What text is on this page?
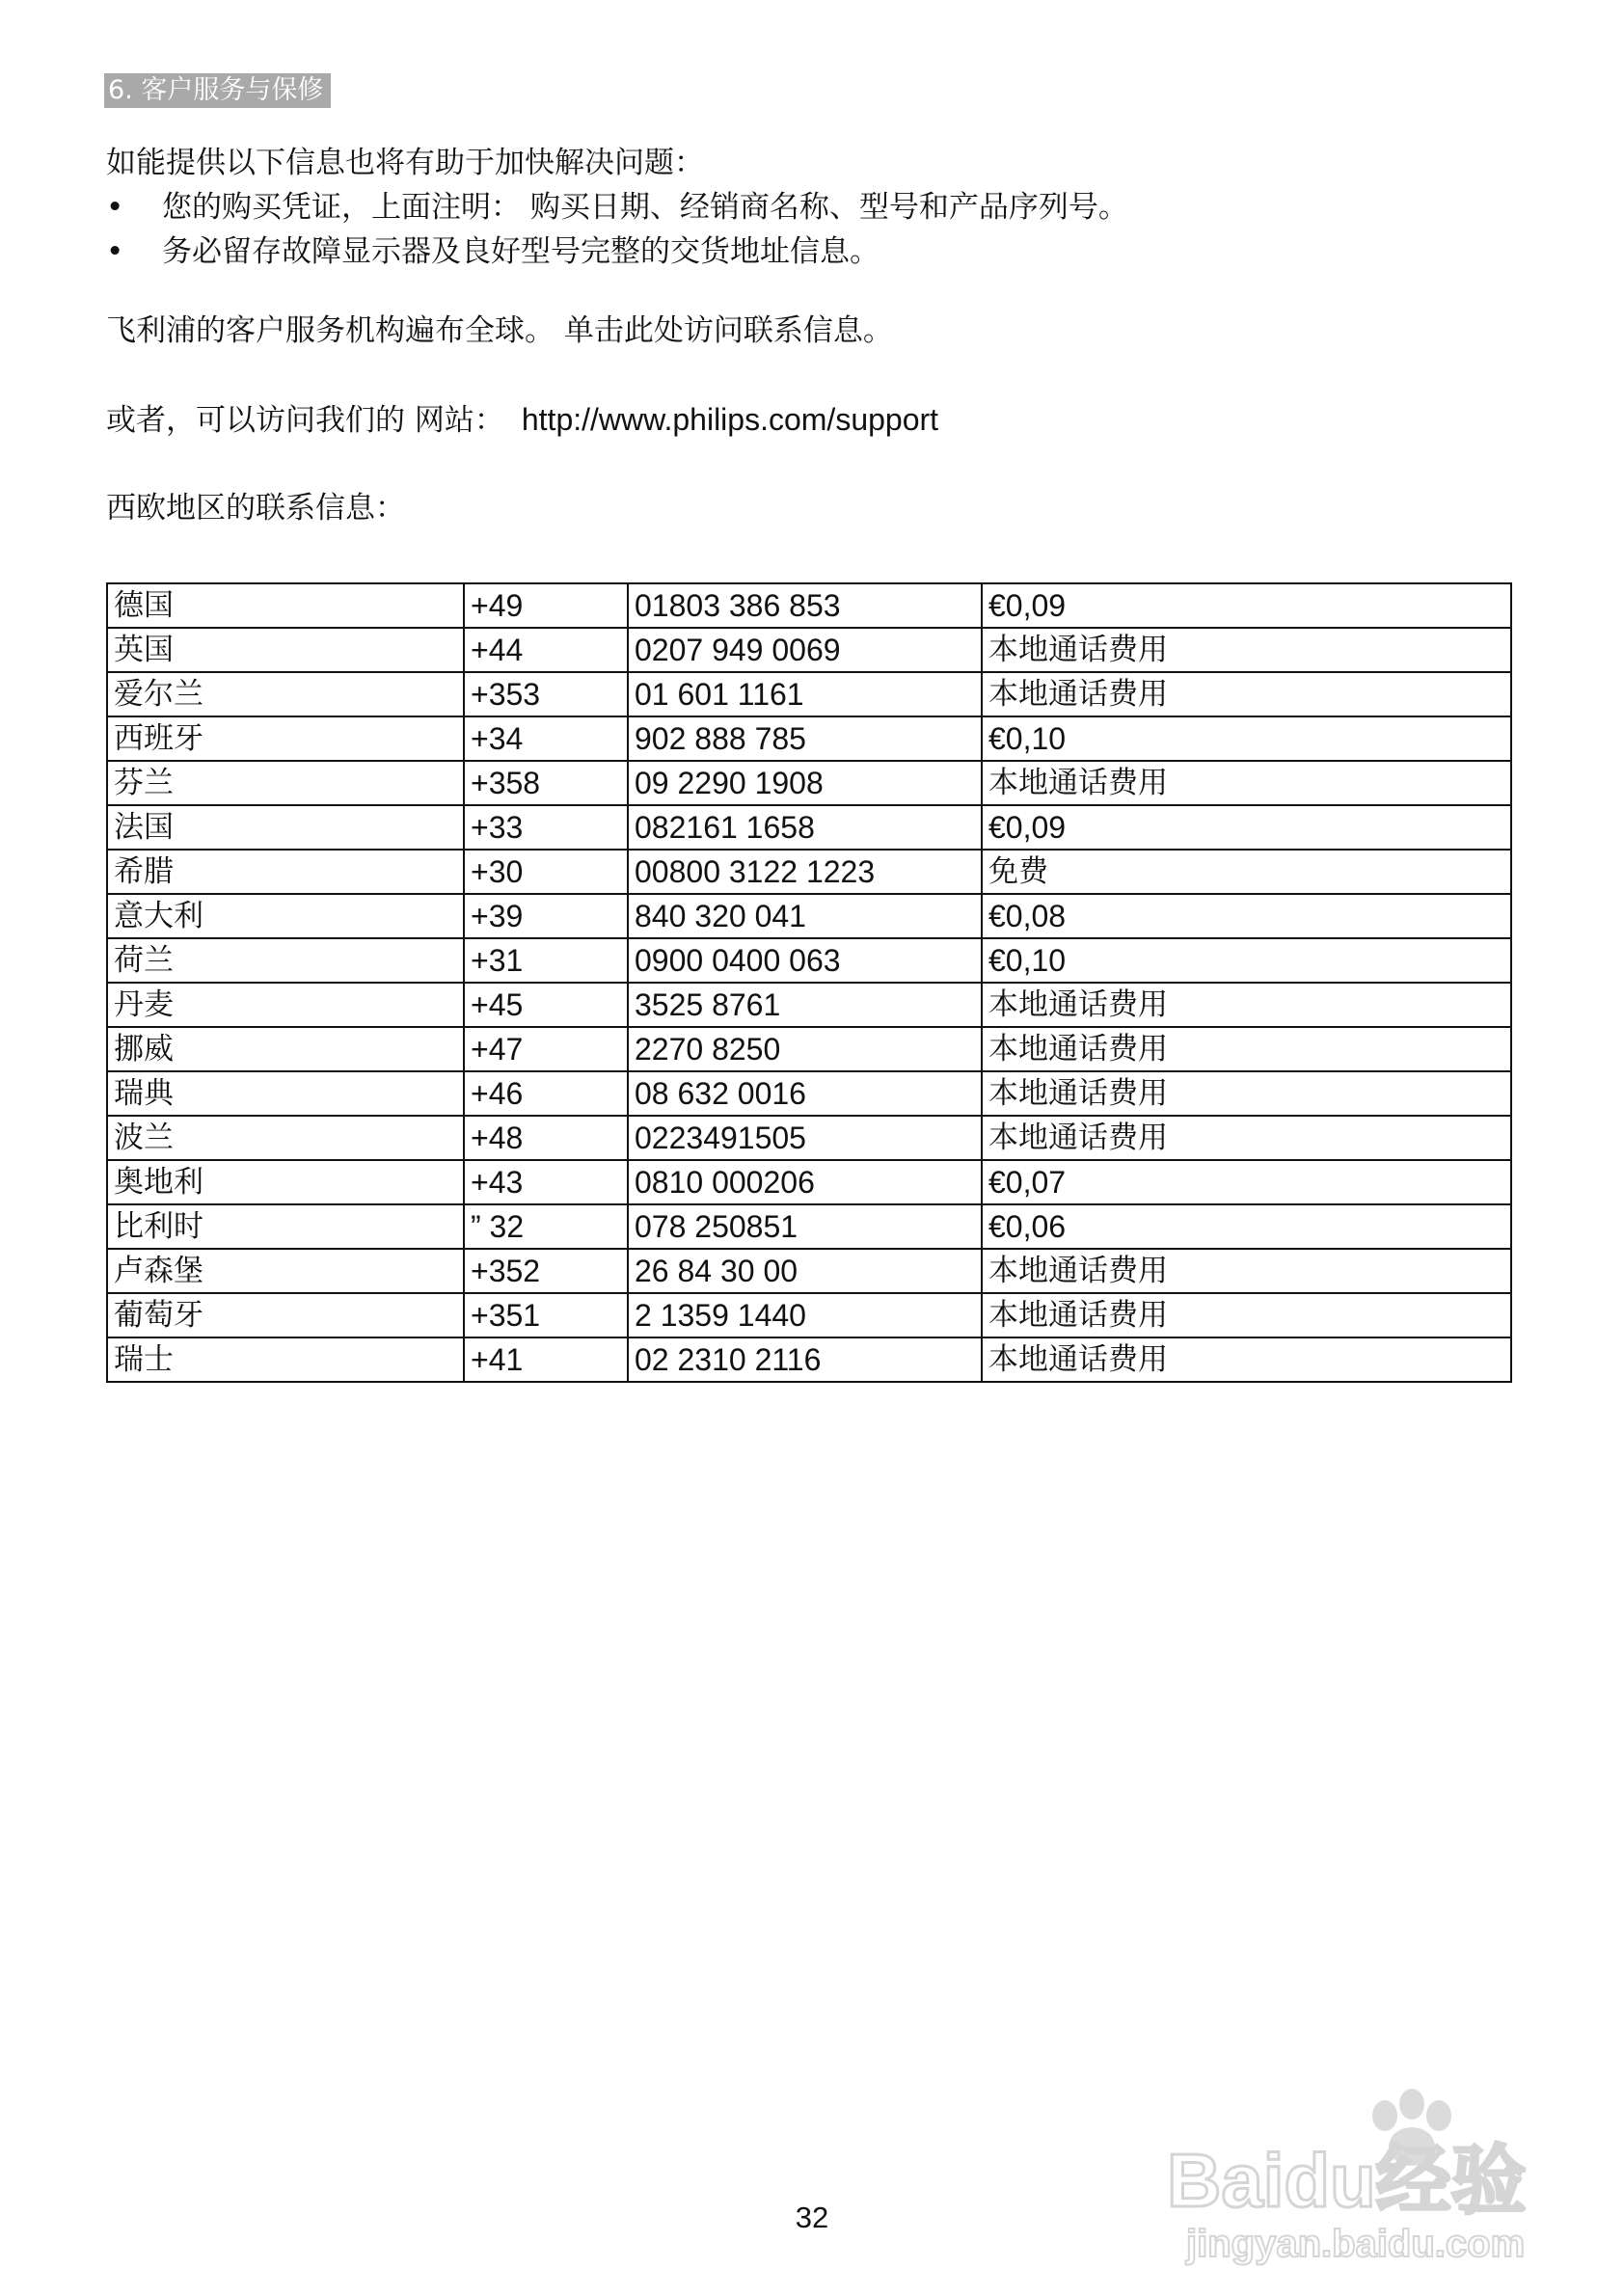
6. 客户服务与保修
如能提供以下信息也将有助于加快解决问题：
• 您的购买凭证，上面注明： 购买日期、经销商名称、型号和产品序列号。
• 务必留存故障显示器及良好型号完整的交货地址信息。
飞利浦的客户服务机构遍布全球。 单击此处访问联系信息。
或者，可以访问我们的 网站： http://www.philips.com/support
西欧地区的联系信息：
德国	+49	01803 386 853	€0,09
英国	+44	0207 949 0069	本地通话费用
爱尔兰	+353	01 601 1161	本地通话费用
西班牙	+34	902 888 785	€0,10
芬兰	+358	09 2290 1908	本地通话费用
法国	+33	082161 1658	€0,09
希腊	+30	00800 3122 1223	免费
意大利	+39	840 320 041	€0,08
荷兰	+31	0900 0400 063	€0,10
丹麦	+45	3525 8761	本地通话费用
挪威	+47	2270 8250	本地通话费用
瑞典	+46	08 632 0016	本地通话费用
波兰	+48	0223491505	本地通话费用
奥地利	+43	0810 000206	€0,07
比利时	” 32	078 250851	€0,06
卢森堡	+352	26 84 30 00	本地通话费用
葡萄牙	+351	2 1359 1440	本地通话费用
瑞士	+41	02 2310 2116	本地通话费用
32	Baidu经验
jingyan.baidu.com
